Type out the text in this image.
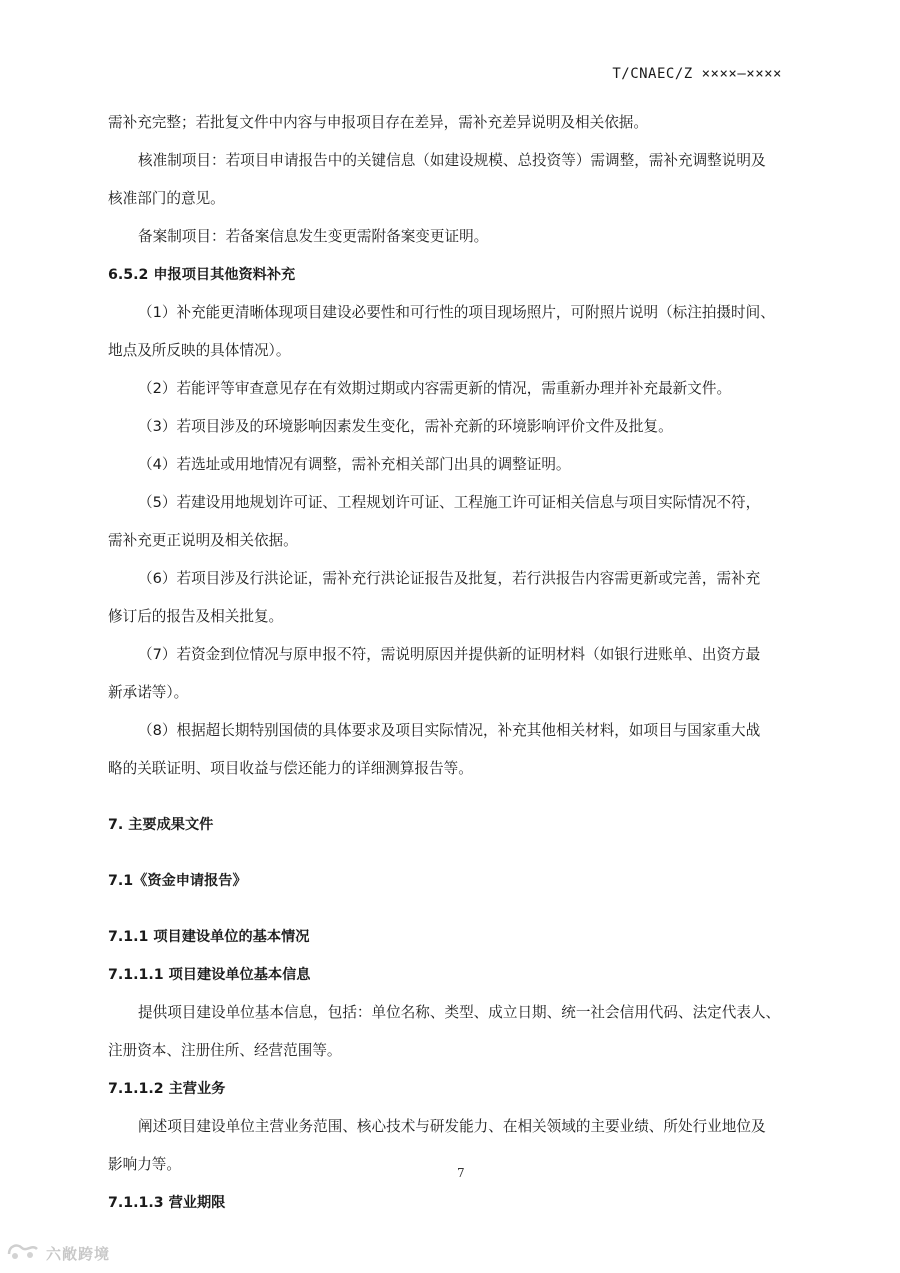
T/CNAEC/Z ××××—××××
需补充完整；若批复文件中内容与申报项目存在差异，需补充差异说明及相关依据。
核准制项目：若项目申请报告中的关键信息（如建设规模、总投资等）需调整，需补充调整说明及
核准部门的意见。
备案制项目：若备案信息发生变更需附备案变更证明。
6.5.2 申报项目其他资料补充
（1）补充能更清晰体现项目建设必要性和可行性的项目现场照片，可附照片说明（标注拍摄时间、
地点及所反映的具体情况）。
（2）若能评等审查意见存在有效期过期或内容需更新的情况，需重新办理并补充最新文件。
（3）若项目涉及的环境影响因素发生变化，需补充新的环境影响评价文件及批复。
（4）若选址或用地情况有调整，需补充相关部门出具的调整证明。
（5）若建设用地规划许可证、工程规划许可证、工程施工许可证相关信息与项目实际情况不符，
需补充更正说明及相关依据。
（6）若项目涉及行洪论证，需补充行洪论证报告及批复，若行洪报告内容需更新或完善，需补充
修订后的报告及相关批复。
（7）若资金到位情况与原申报不符，需说明原因并提供新的证明材料（如银行进账单、出资方最
新承诺等）。
（8）根据超长期特别国债的具体要求及项目实际情况，补充其他相关材料，如项目与国家重大战
略的关联证明、项目收益与偿还能力的详细测算报告等。
7. 主要成果文件
7.1《资金申请报告》
7.1.1 项目建设单位的基本情况
7.1.1.1 项目建设单位基本信息
提供项目建设单位基本信息，包括：单位名称、类型、成立日期、统一社会信用代码、法定代表人、
注册资本、注册住所、经营范围等。
7.1.1.2 主营业务
阐述项目建设单位主营业务范围、核心技术与研发能力、在相关领域的主要业绩、所处行业地位及
影响力等。
7.1.1.3 营业期限
7
六敞跨境
